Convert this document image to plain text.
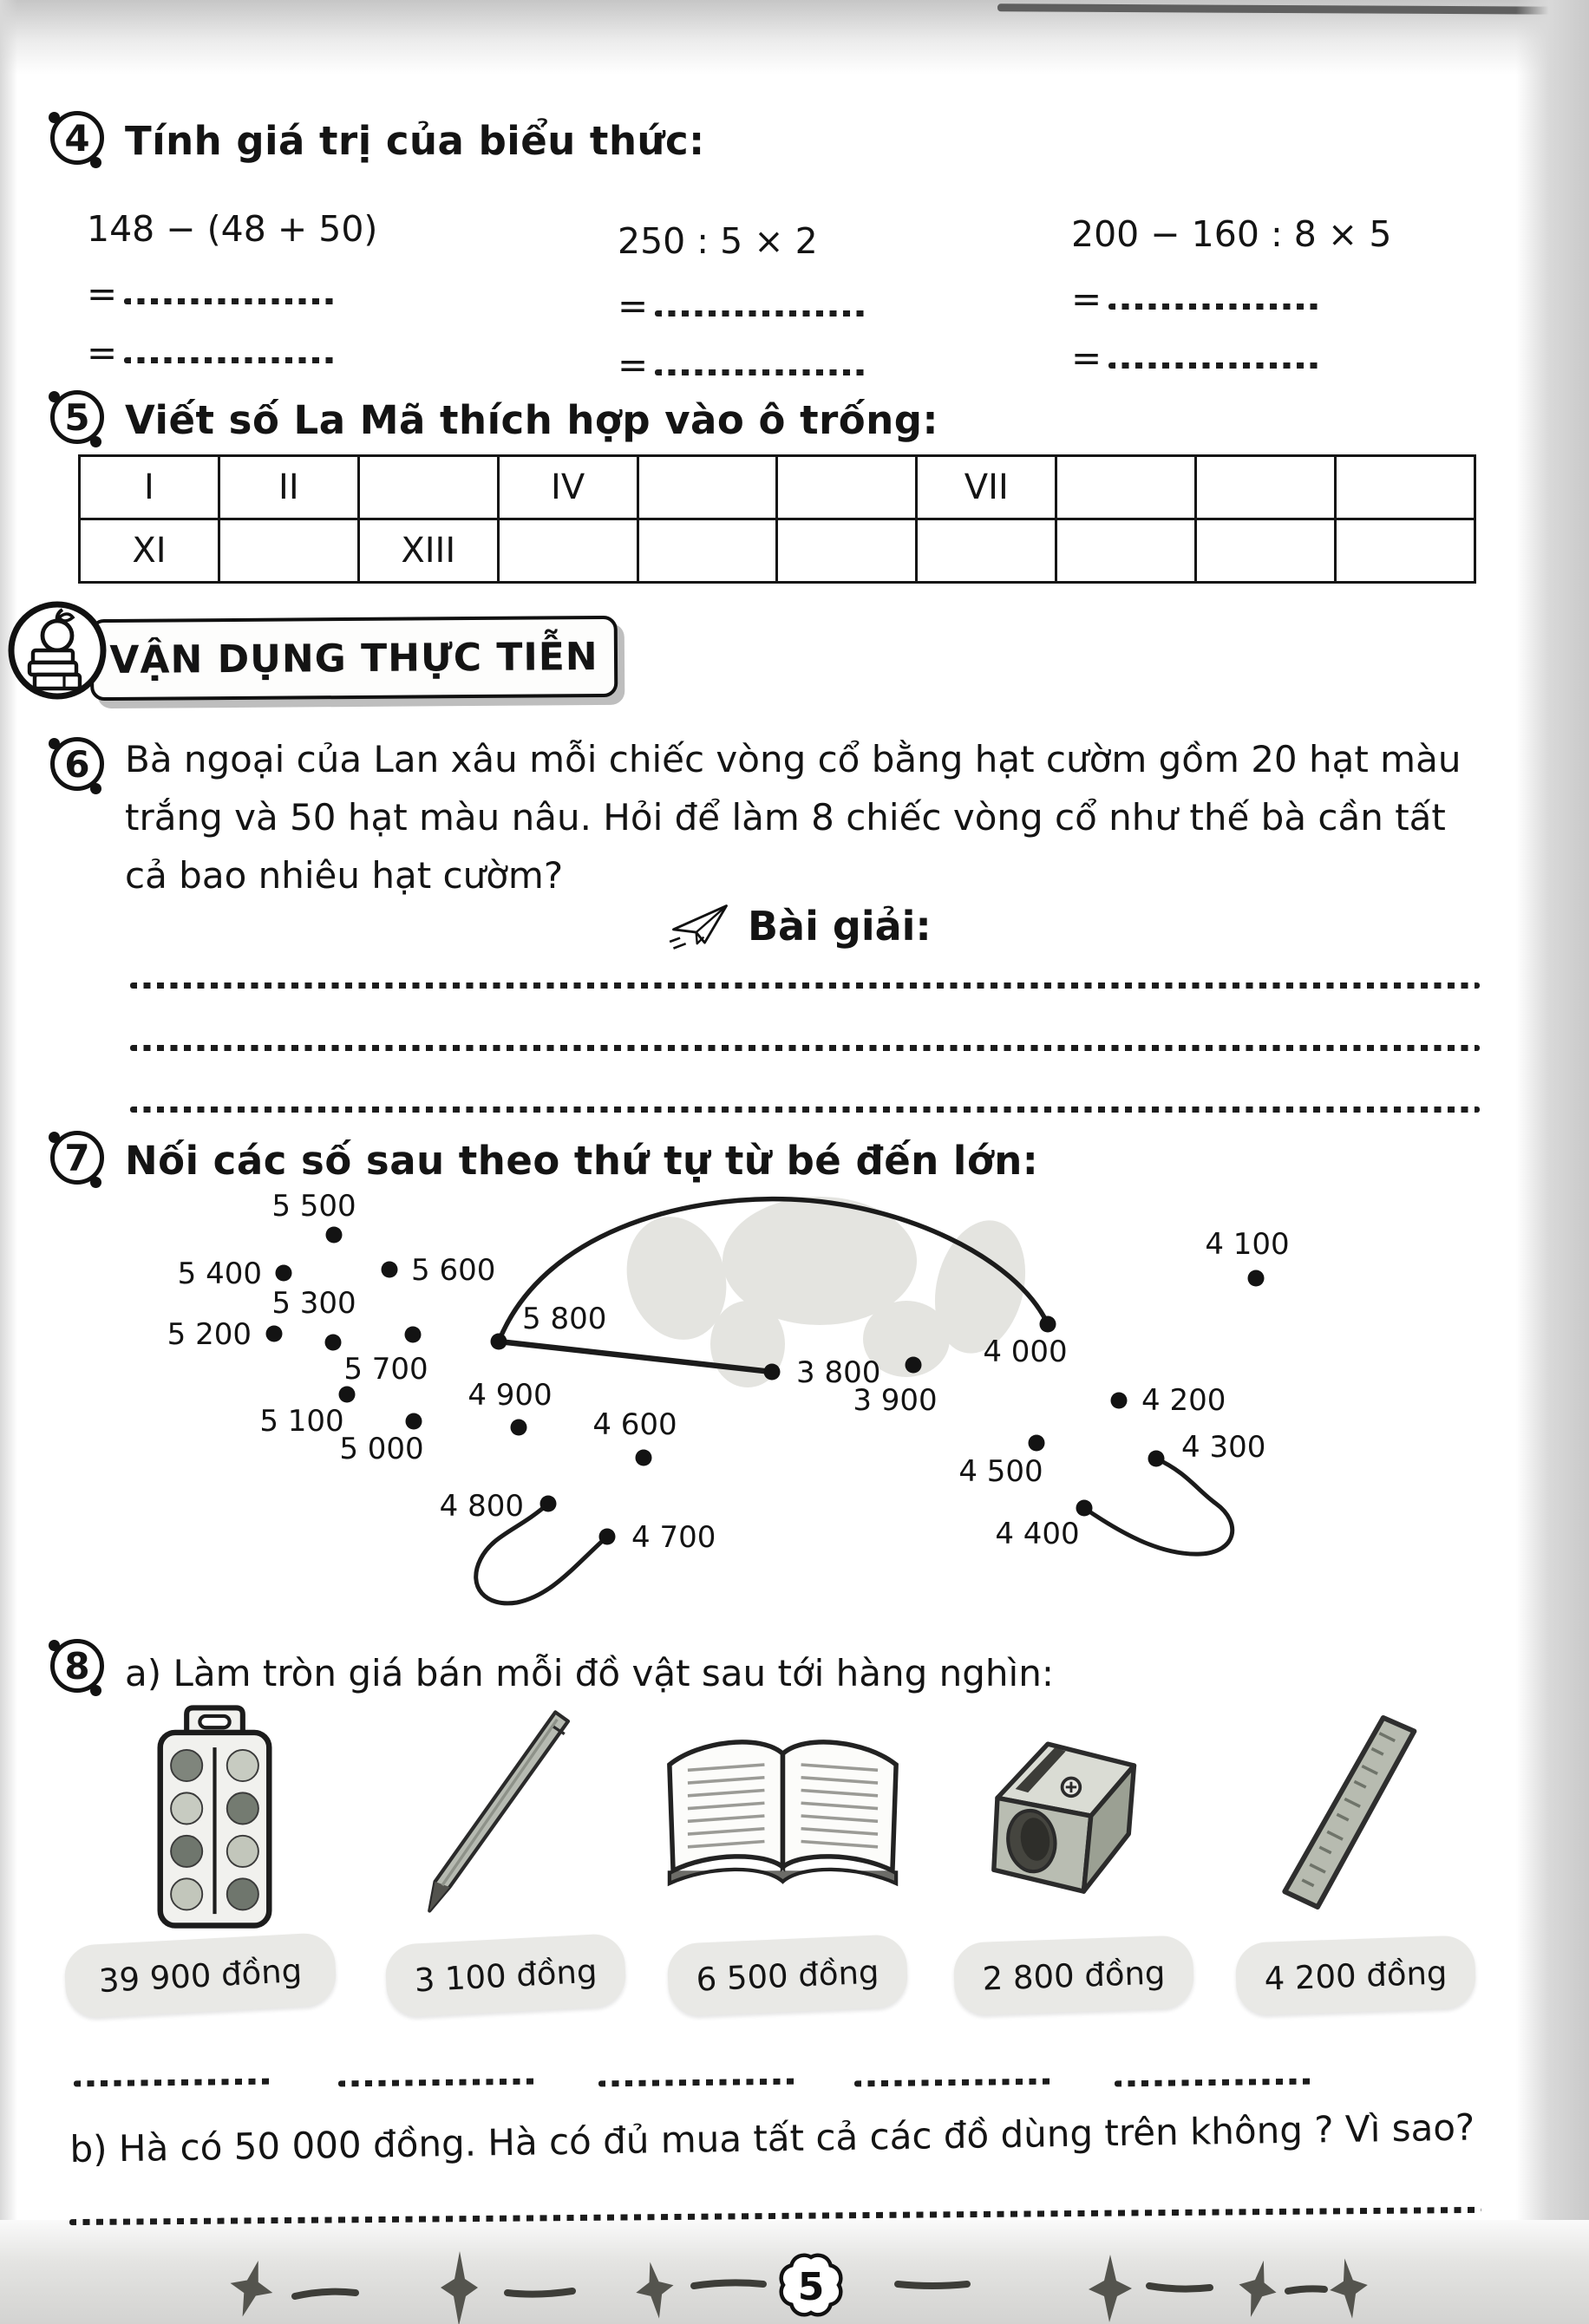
4 Tính giá trị của biểu thức:
148 − (48 + 50)
=
=
250 : 5 × 2
=
=
200 − 160 : 8 × 5
=
=
5 Viết số La Mã thích hợp vào ô trống:
I	II		IV			VII			
XI		XIII							
VẬN DỤNG THỰC TIỄN
6 Bà ngoại của Lan xâu mỗi chiếc vòng cổ bằng hạt cườm gồm 20 hạt màu
trắng và 50 hạt màu nâu. Hỏi để làm 8 chiếc vòng cổ như thế bà cần tất
cả bao nhiêu hạt cườm?
Bài giải:
7 Nối các số sau theo thứ tự từ bé đến lớn:
5 500
5 400	5 600
5 300
5 200
5 700
5 800
5 100
5 000
4 900
4 800
4 700
4 600
3 800
3 900
4 000
4 100
4 200
4 500
4 300
4 400
8 a) Làm tròn giá bán mỗi đồ vật sau tới hàng nghìn:
39 900 đồng	3 100 đồng	6 500 đồng	2 800 đồng	4 200 đồng
b) Hà có 50 000 đồng. Hà có đủ mua tất cả các đồ dùng trên không ? Vì sao?
5
